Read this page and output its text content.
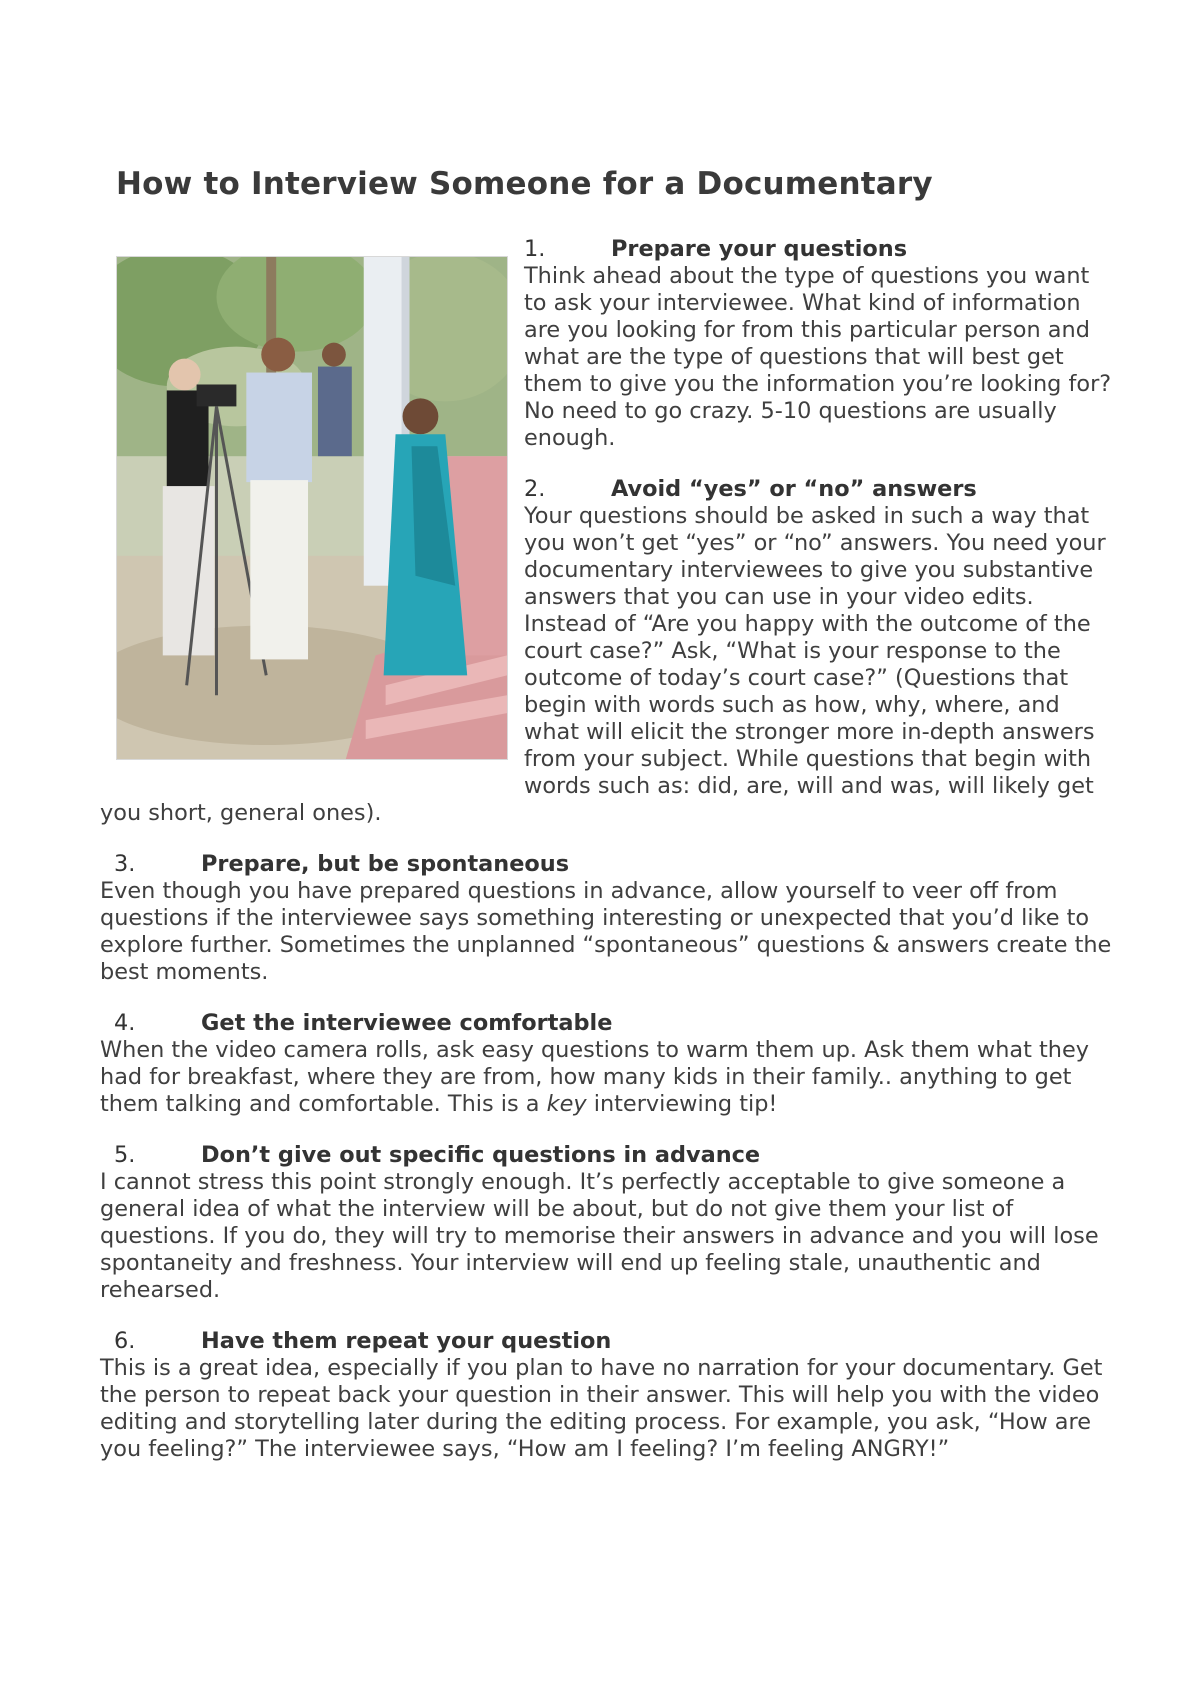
How to Interview Someone for a Documentary

1.	Prepare your questions

Think ahead about the type of questions you want to ask your interviewee. What kind of information are you looking for from this particular person and what are the type of questions that will best get them to give you the information you’re looking for? No need to go crazy. 5-10 questions are usually enough.

2.	Avoid “yes” or “no” answers

Your questions should be asked in such a way that you won’t get “yes” or “no” answers. You need your documentary interviewees to give you substantive answers that you can use in your video edits. Instead of “Are you happy with the outcome of the court case?” Ask, “What is your response to the outcome of today’s court case?” (Questions that begin with words such as how, why, where, and what will elicit the stronger more in-depth answers from your subject. While questions that begin with words such as: did, are, will and was, will likely get you short, general ones).

3.	Prepare, but be spontaneous

Even though you have prepared questions in advance, allow yourself to veer off from questions if the interviewee says something interesting or unexpected that you’d like to explore further. Sometimes the unplanned “spontaneous” questions & answers create the best moments.

4.	Get the interviewee comfortable

When the video camera rolls, ask easy questions to warm them up. Ask them what they had for breakfast, where they are from, how many kids in their family.. anything to get them talking and comfortable. This is a key interviewing tip!

5.	Don’t give out specific questions in advance

I cannot stress this point strongly enough. It’s perfectly acceptable to give someone a general idea of what the interview will be about, but do not give them your list of questions. If you do, they will try to memorise their answers in advance and you will lose spontaneity and freshness. Your interview will end up feeling stale, unauthentic and rehearsed.

6.	Have them repeat your question

This is a great idea, especially if you plan to have no narration for your documentary. Get the person to repeat back your question in their answer. This will help you with the video editing and storytelling later during the editing process. For example, you ask, “How are you feeling?” The interviewee says, “How am I feeling? I’m feeling ANGRY!”
